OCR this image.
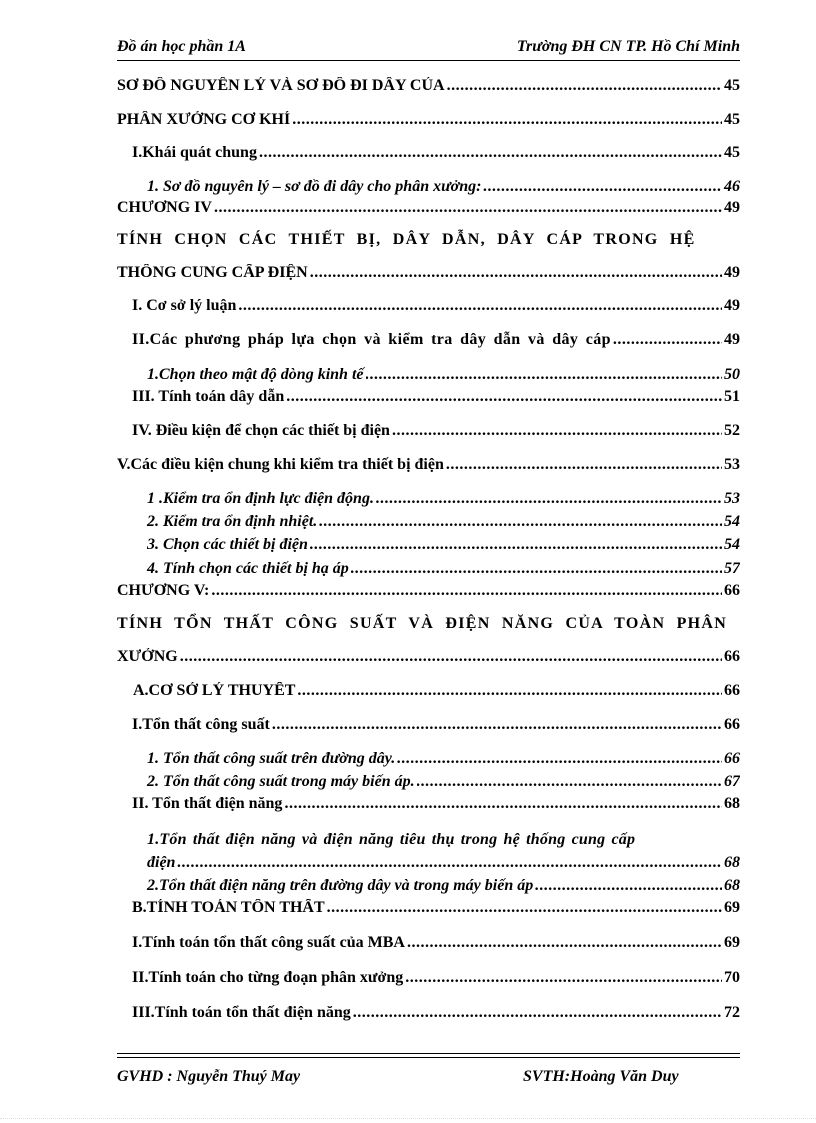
Đồ án học phần 1A	Trường ĐH CN TP. Hồ Chí Minh
SƠ ĐỒ NGUYÊN LÝ VÀ SƠ ĐỒ ĐI DÂY CỦA .....	45
PHÂN XƯỞNG CƠ KHÍ .....	45
I.Khái quát chung .....	45
1. Sơ đồ nguyên lý – sơ đồ đi dây cho phân xưởng: .....	46
CHƯƠNG IV .....	49
TÍNH CHỌN CÁC THIẾT BỊ, DÂY DẪN, DÂY CÁP TRONG HỆ
THỐNG CUNG CẤP ĐIỆN .....	49
I. Cơ sở lý luận .....	49
II.Các phương pháp lựa chọn và kiểm tra dây dẫn và dây cáp .....	49
1.Chọn theo mật độ dòng kinh tế .....	50
III. Tính toán dây dẫn .....	51
IV. Điều kiện để chọn các thiết bị điện .....	52
V.Các điều kiện chung khi kiểm tra thiết bị điện .....	53
1 .Kiểm tra ổn định lực điện động. .....	53
2. Kiểm tra ổn định nhiệt. .....	54
3. Chọn các thiết bị điện .....	54
4. Tính chọn các thiết bị hạ áp .....	57
CHƯƠNG V: .....	66
TÍNH TỔN THẤT CÔNG SUẤT VÀ ĐIỆN NĂNG CỦA TOÀN PHÂN
XƯỞNG .....	66
A.CƠ SỞ LÝ THUYẾT .....	66
I.Tổn thất công suất .....	66
1. Tổn thất công suất trên đường dây. .....	66
2. Tổn thất công suất trong máy biến áp. .....	67
II. Tổn thất điện năng .....	68
1.Tổn thất điện năng và điện năng tiêu thụ trong hệ thống cung cấp
điện .....	68
2.Tổn thất điện năng trên đường dây và trong máy biến áp .....	68
B.TÍNH TOÁN TỔN THẤT .....	69
I.Tính toán tổn thất công suất của MBA .....	69
II.Tính toán cho từng đoạn phân xưởng .....	70
III.Tính toán tổn thất điện năng .....	72
GVHD : Nguyễn Thuý May	SVTH:Hoàng Văn Duy
